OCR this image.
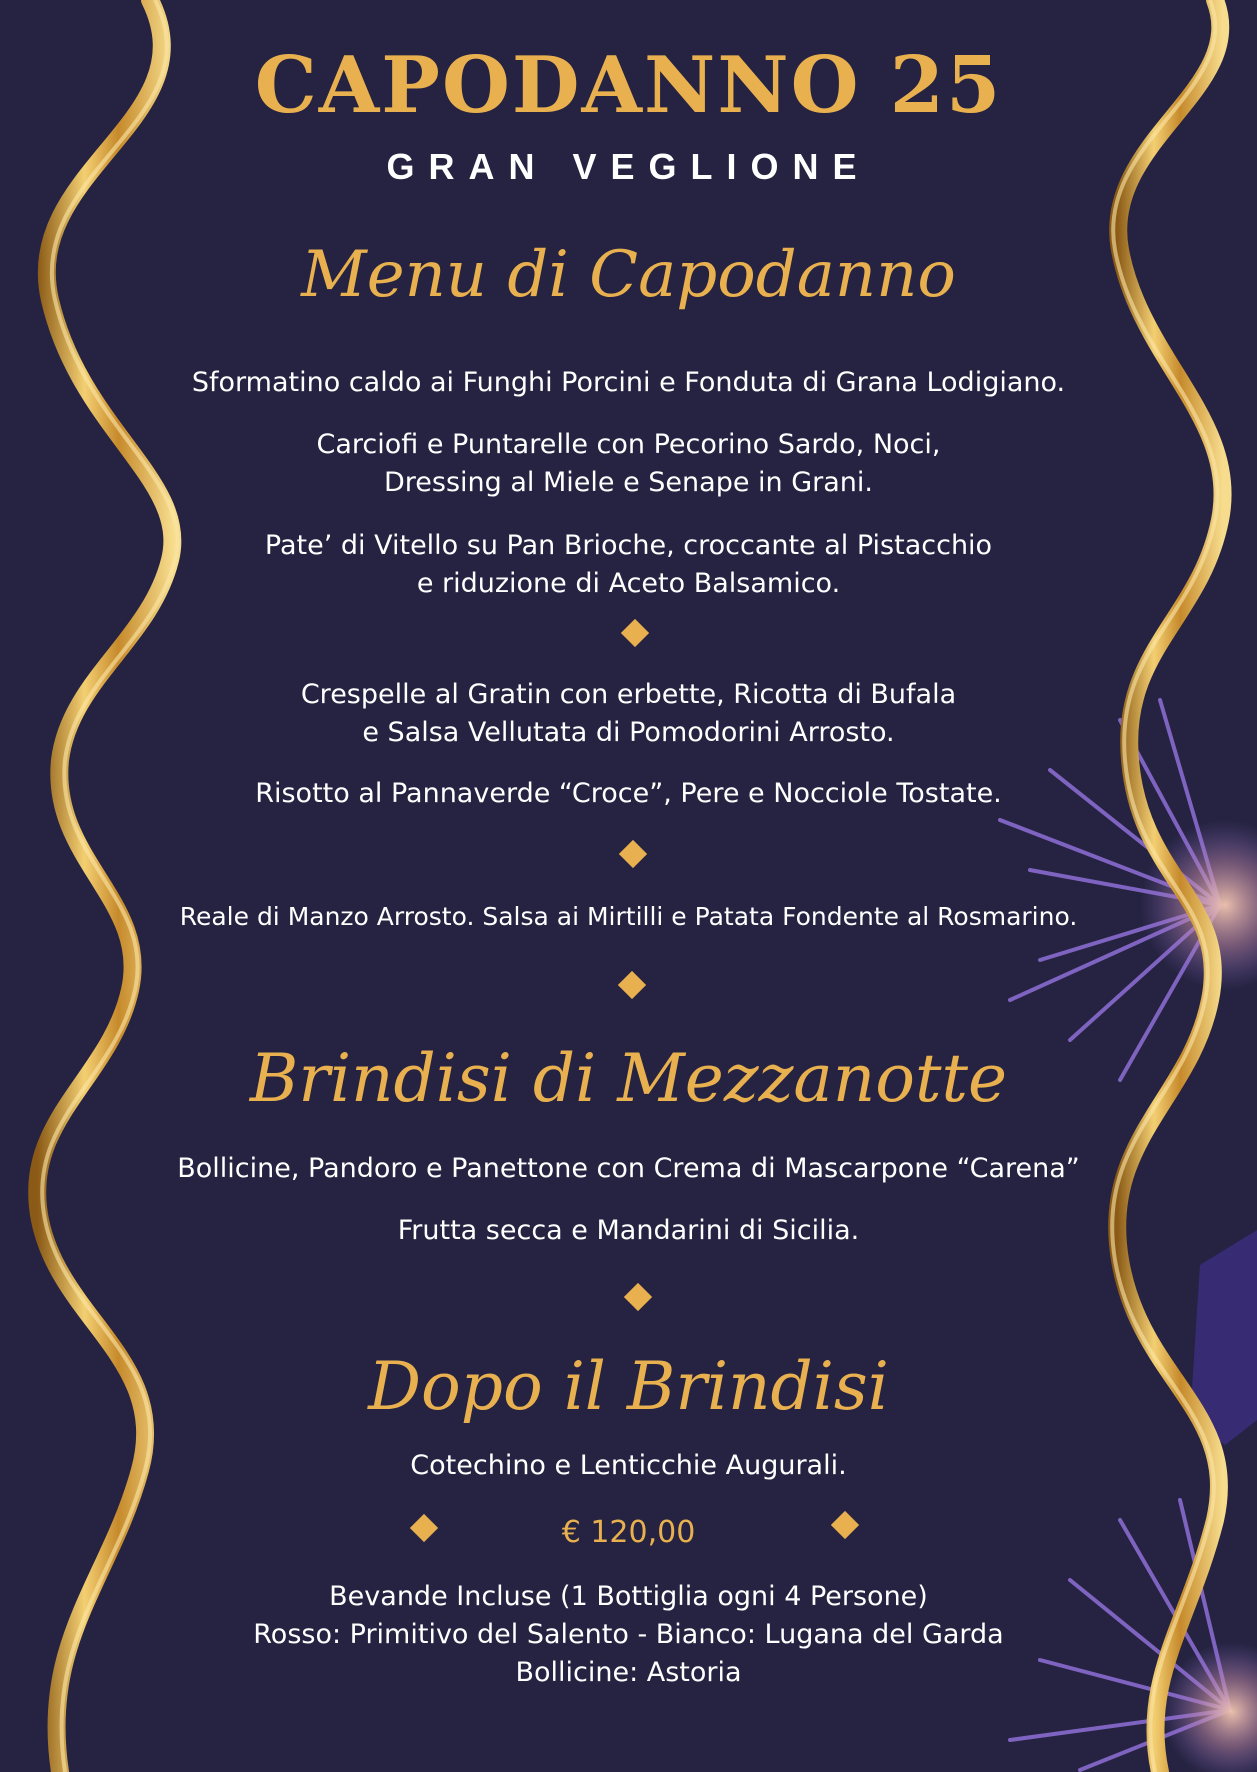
CAPODANNO 25
GRAN VEGLIONE
Menu di Capodanno
Sformatino caldo ai Funghi Porcini e Fonduta di Grana Lodigiano.
Carciofi e Puntarelle con Pecorino Sardo, Noci,
Dressing al Miele e Senape in Grani.
Pate’ di Vitello su Pan Brioche, croccante al Pistacchio
e riduzione di Aceto Balsamico.
Crespelle al Gratin con erbette, Ricotta di Bufala
e Salsa Vellutata di Pomodorini Arrosto.
Risotto al Pannaverde “Croce”, Pere e Nocciole Tostate.
Reale di Manzo Arrosto. Salsa ai Mirtilli e Patata Fondente al Rosmarino.
Brindisi di Mezzanotte
Bollicine, Pandoro e Panettone con Crema di Mascarpone “Carena”
Frutta secca e Mandarini di Sicilia.
Dopo il Brindisi
Cotechino e Lenticchie Augurali.
€ 120,00
Bevande Incluse (1 Bottiglia ogni 4 Persone)
Rosso: Primitivo del Salento - Bianco: Lugana del Garda
Bollicine: Astoria
